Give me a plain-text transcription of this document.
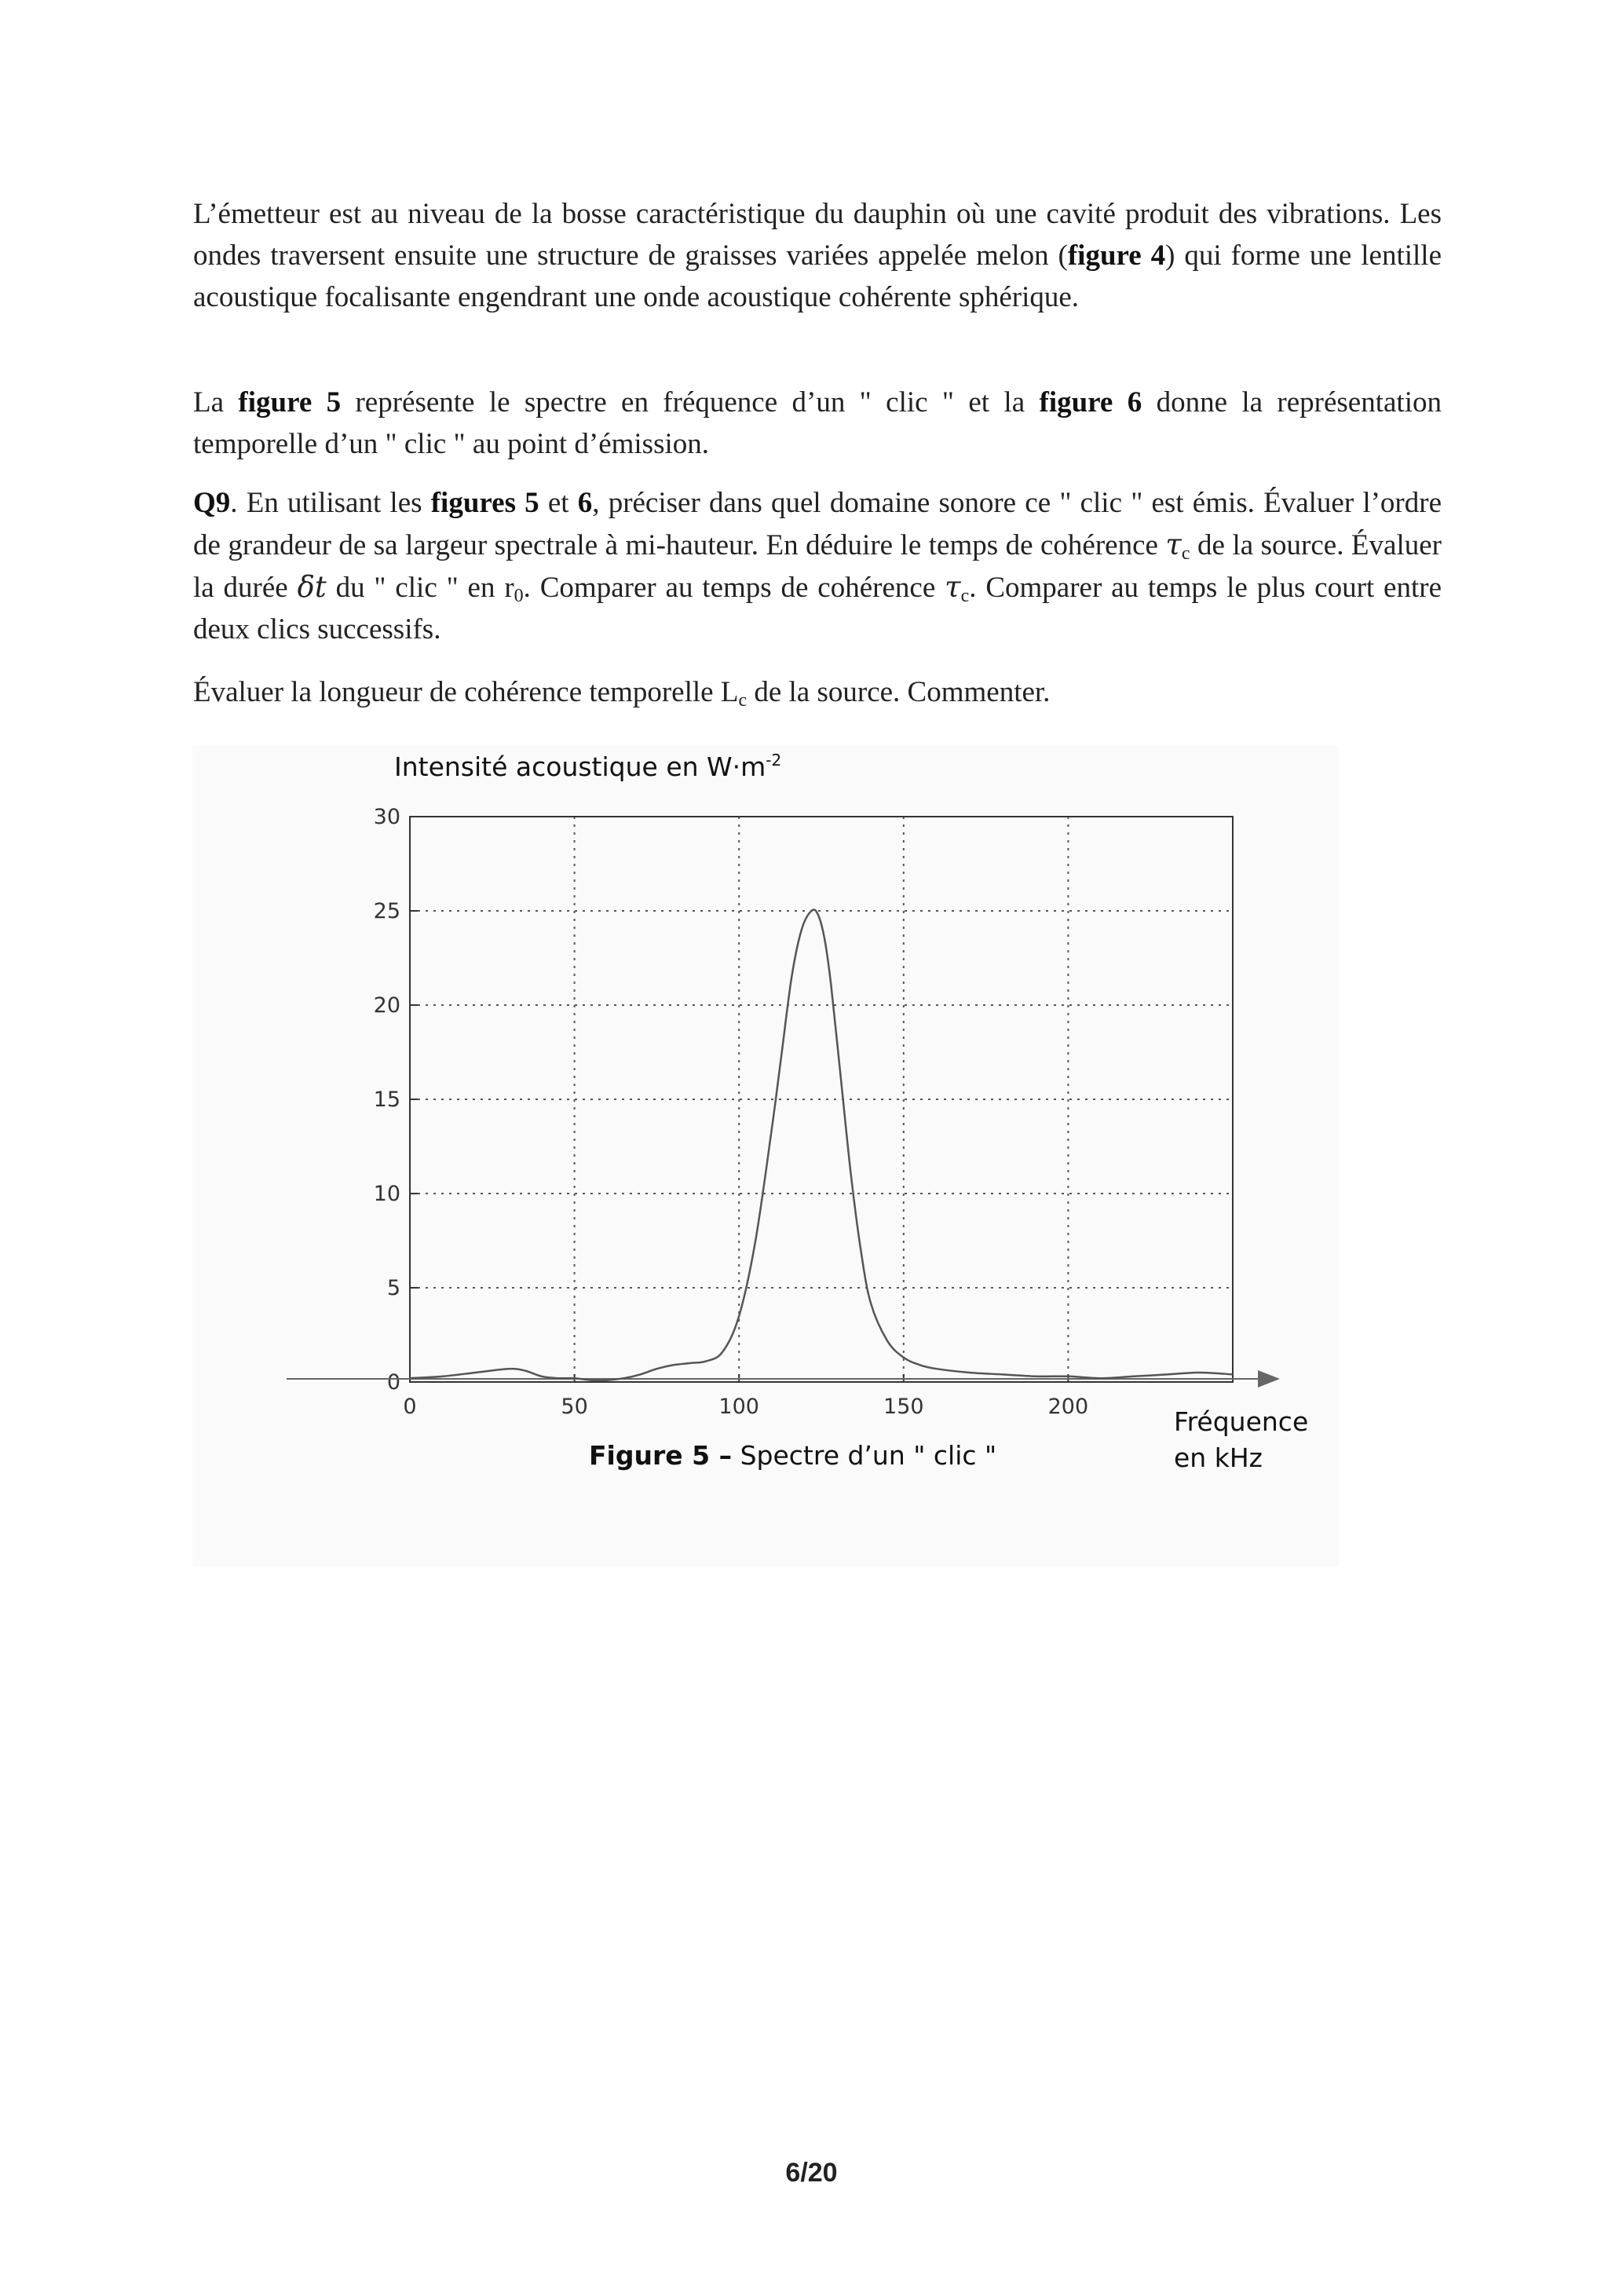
L’émetteur est au niveau de la bosse caractéristique du dauphin où une cavité produit des vibrations. Les ondes traversent ensuite une structure de graisses variées appelée melon (figure 4) qui forme une lentille acoustique focalisante engendrant une onde acoustique cohérente sphérique.

La figure 5 représente le spectre en fréquence d’un " clic " et la figure 6 donne la représentation temporelle d’un " clic " au point d’émission.

Q9. En utilisant les figures 5 et 6, préciser dans quel domaine sonore ce " clic " est émis. Évaluer l’ordre de grandeur de sa largeur spectrale à mi-hauteur. En déduire le temps de cohérence $\tau_c$ de la source. Évaluer la durée δt du " clic " en $r_0$. Comparer au temps de cohérence $\tau_c$. Comparer au temps le plus court entre deux clics successifs.

Évaluer la longueur de cohérence temporelle $L_c$ de la source. Commenter.

0	50	100	150	200
0
5
10
15
20
25
30
Intensité acoustique en $W\cdot m^{-2}$
Fréquence
en kHz
Figure 5 – Spectre d’un " clic "
6/20
